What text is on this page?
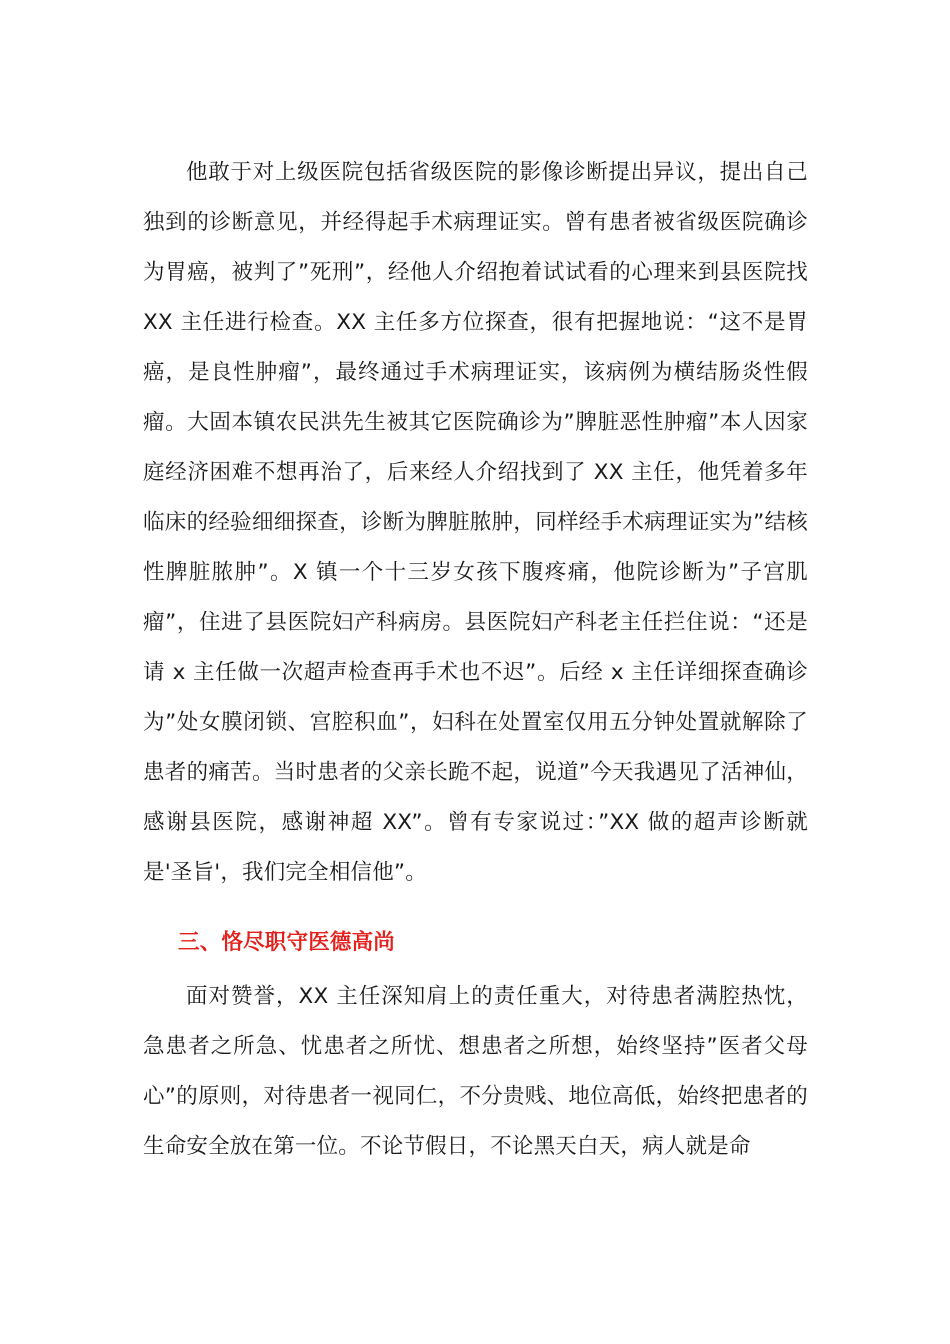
他敢于对上级医院包括省级医院的影像诊断提出异议，提出自己独到的诊断意见，并经得起手术病理证实。曾有患者被省级医院确诊为胃癌，被判了”死刑”，经他人介绍抱着试试看的心理来到县医院找 XX 主任进行检查。XX 主任多方位探查，很有把握地说：“这不是胃癌，是良性肿瘤”，最终通过手术病理证实，该病例为横结肠炎性假瘤。大固本镇农民洪先生被其它医院确诊为”脾脏恶性肿瘤”本人因家庭经济困难不想再治了，后来经人介绍找到了 XX 主任，他凭着多年临床的经验细细探查，诊断为脾脏脓肿，同样经手术病理证实为”结核性脾脏脓肿”。X 镇一个十三岁女孩下腹疼痛，他院诊断为”子宫肌瘤”，住进了县医院妇产科病房。县医院妇产科老主任拦住说：“还是请 x 主任做一次超声检查再手术也不迟”。后经 x 主任详细探查确诊为”处女膜闭锁、宫腔积血”，妇科在处置室仅用五分钟处置就解除了患者的痛苦。当时患者的父亲长跪不起，说道”今天我遇见了活神仙，感谢县医院，感谢神超 XX”。曾有专家说过：”XX 做的超声诊断就是'圣旨'，我们完全相信他”。

三、恪尽职守医德高尚

面对赞誉，XX 主任深知肩上的责任重大，对待患者满腔热忱，急患者之所急、忧患者之所忧、想患者之所想，始终坚持”医者父母心”的原则，对待患者一视同仁，不分贵贱、地位高低，始终把患者的生命安全放在第一位。不论节假日，不论黑天白天，病人就是命
